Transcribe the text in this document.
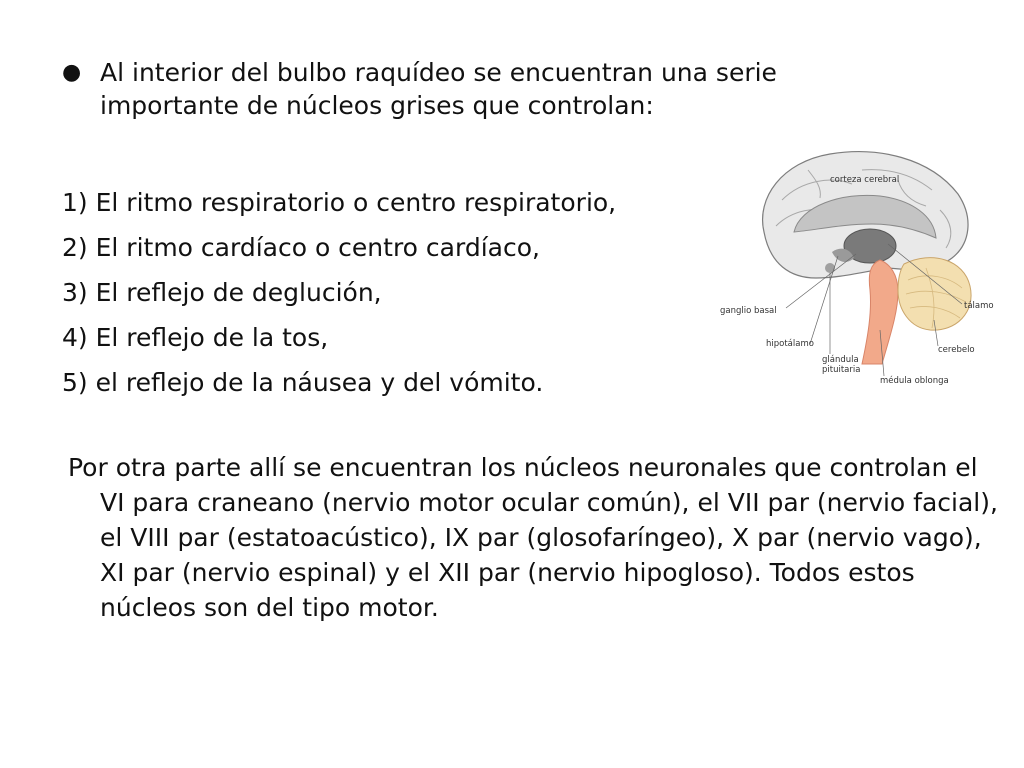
● Al interior del bulbo raquídeo se encuentran una serie importante de núcleos grises que controlan:
1) El ritmo respiratorio o centro respiratorio,
2) El ritmo cardíaco o centro cardíaco,
3) El reflejo de deglución,
4) El reflejo de la tos,
5) el reflejo de la náusea y del vómito.
Por otra parte allí se encuentran los núcleos neuronales que controlan el VI para craneano (nervio motor ocular común), el VII par (nervio facial), el VIII par (estatoacústico), IX par (glosofaríngeo), X par (nervio vago), XI par (nervio espinal) y el XII par (nervio hipogloso). Todos estos núcleos son del tipo motor.
corteza cerebral
ganglio basal	tálamo
hipotálamo
cerebelo
glándula
pituitaria
médula oblonga
